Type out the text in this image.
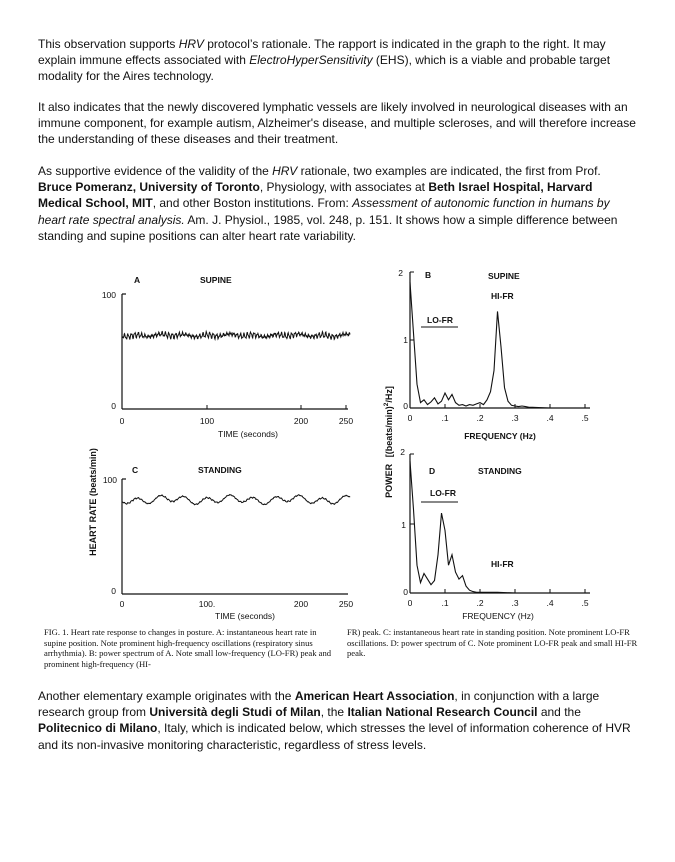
This observation supports HRV protocol’s rationale. The rapport is indicated in the graph to the right. It may explain immune effects associated with ElectroHyperSensitivity (EHS), which is a viable and probable target modality for the Aires technology.

It also indicates that the newly discovered lymphatic vessels are likely involved in neurological diseases with an immune component, for example autism, Alzheimer's disease, and multiple scleroses, and will therefore increase the understanding of these diseases and their treatment.

As supportive evidence of the validity of the HRV rationale, two examples are indicated, the first from Prof. Bruce Pomeranz, University of Toronto, Physiology, with associates at Beth Israel Hospital, Harvard Medical School, MIT, and other Boston institutions. From: Assessment of autonomic function in humans by heart rate spectral analysis. Am. J. Physiol., 1985, vol. 248, p. 151. It shows how a simple difference between standing and supine positions can alter heart rate variability.

HEART RATE (beats/min)
A	SUPINE
100
0
0	100	200	250
TIME (seconds)
C	STANDING
100
0
0	100.	200	250
TIME (seconds)
POWER [(beats/min)$^2$/Hz]
2
1
0
B	SUPINE
HI-FR
LO-FR
0	.1	.2	.3	.4	.5
FREQUENCY (Hz)
2
1
0
D	STANDING
LO-FR
HI-FR
0	.1	.2	.3	.4	.5
FREQUENCY (Hz)

FIG. 1. Heart rate response to changes in posture. A: instantaneous heart rate in supine position. Note prominent high-frequency oscillations (respiratory sinus arrhythmia). B: power spectrum of A. Note small low-frequency (LO-FR) peak and prominent high-frequency (HI-

FR) peak. C: instantaneous heart rate in standing position. Note prominent LO-FR oscillations. D: power spectrum of C. Note prominent LO-FR peak and small HI-FR peak.

Another elementary example originates with the American Heart Association, in conjunction with a large research group from Università degli Studi of Milan, the Italian National Research Council and the Politecnico di Milano, Italy, which is indicated below, which stresses the level of information coherence of HVR and its non-invasive monitoring characteristic, regardless of stress levels.
